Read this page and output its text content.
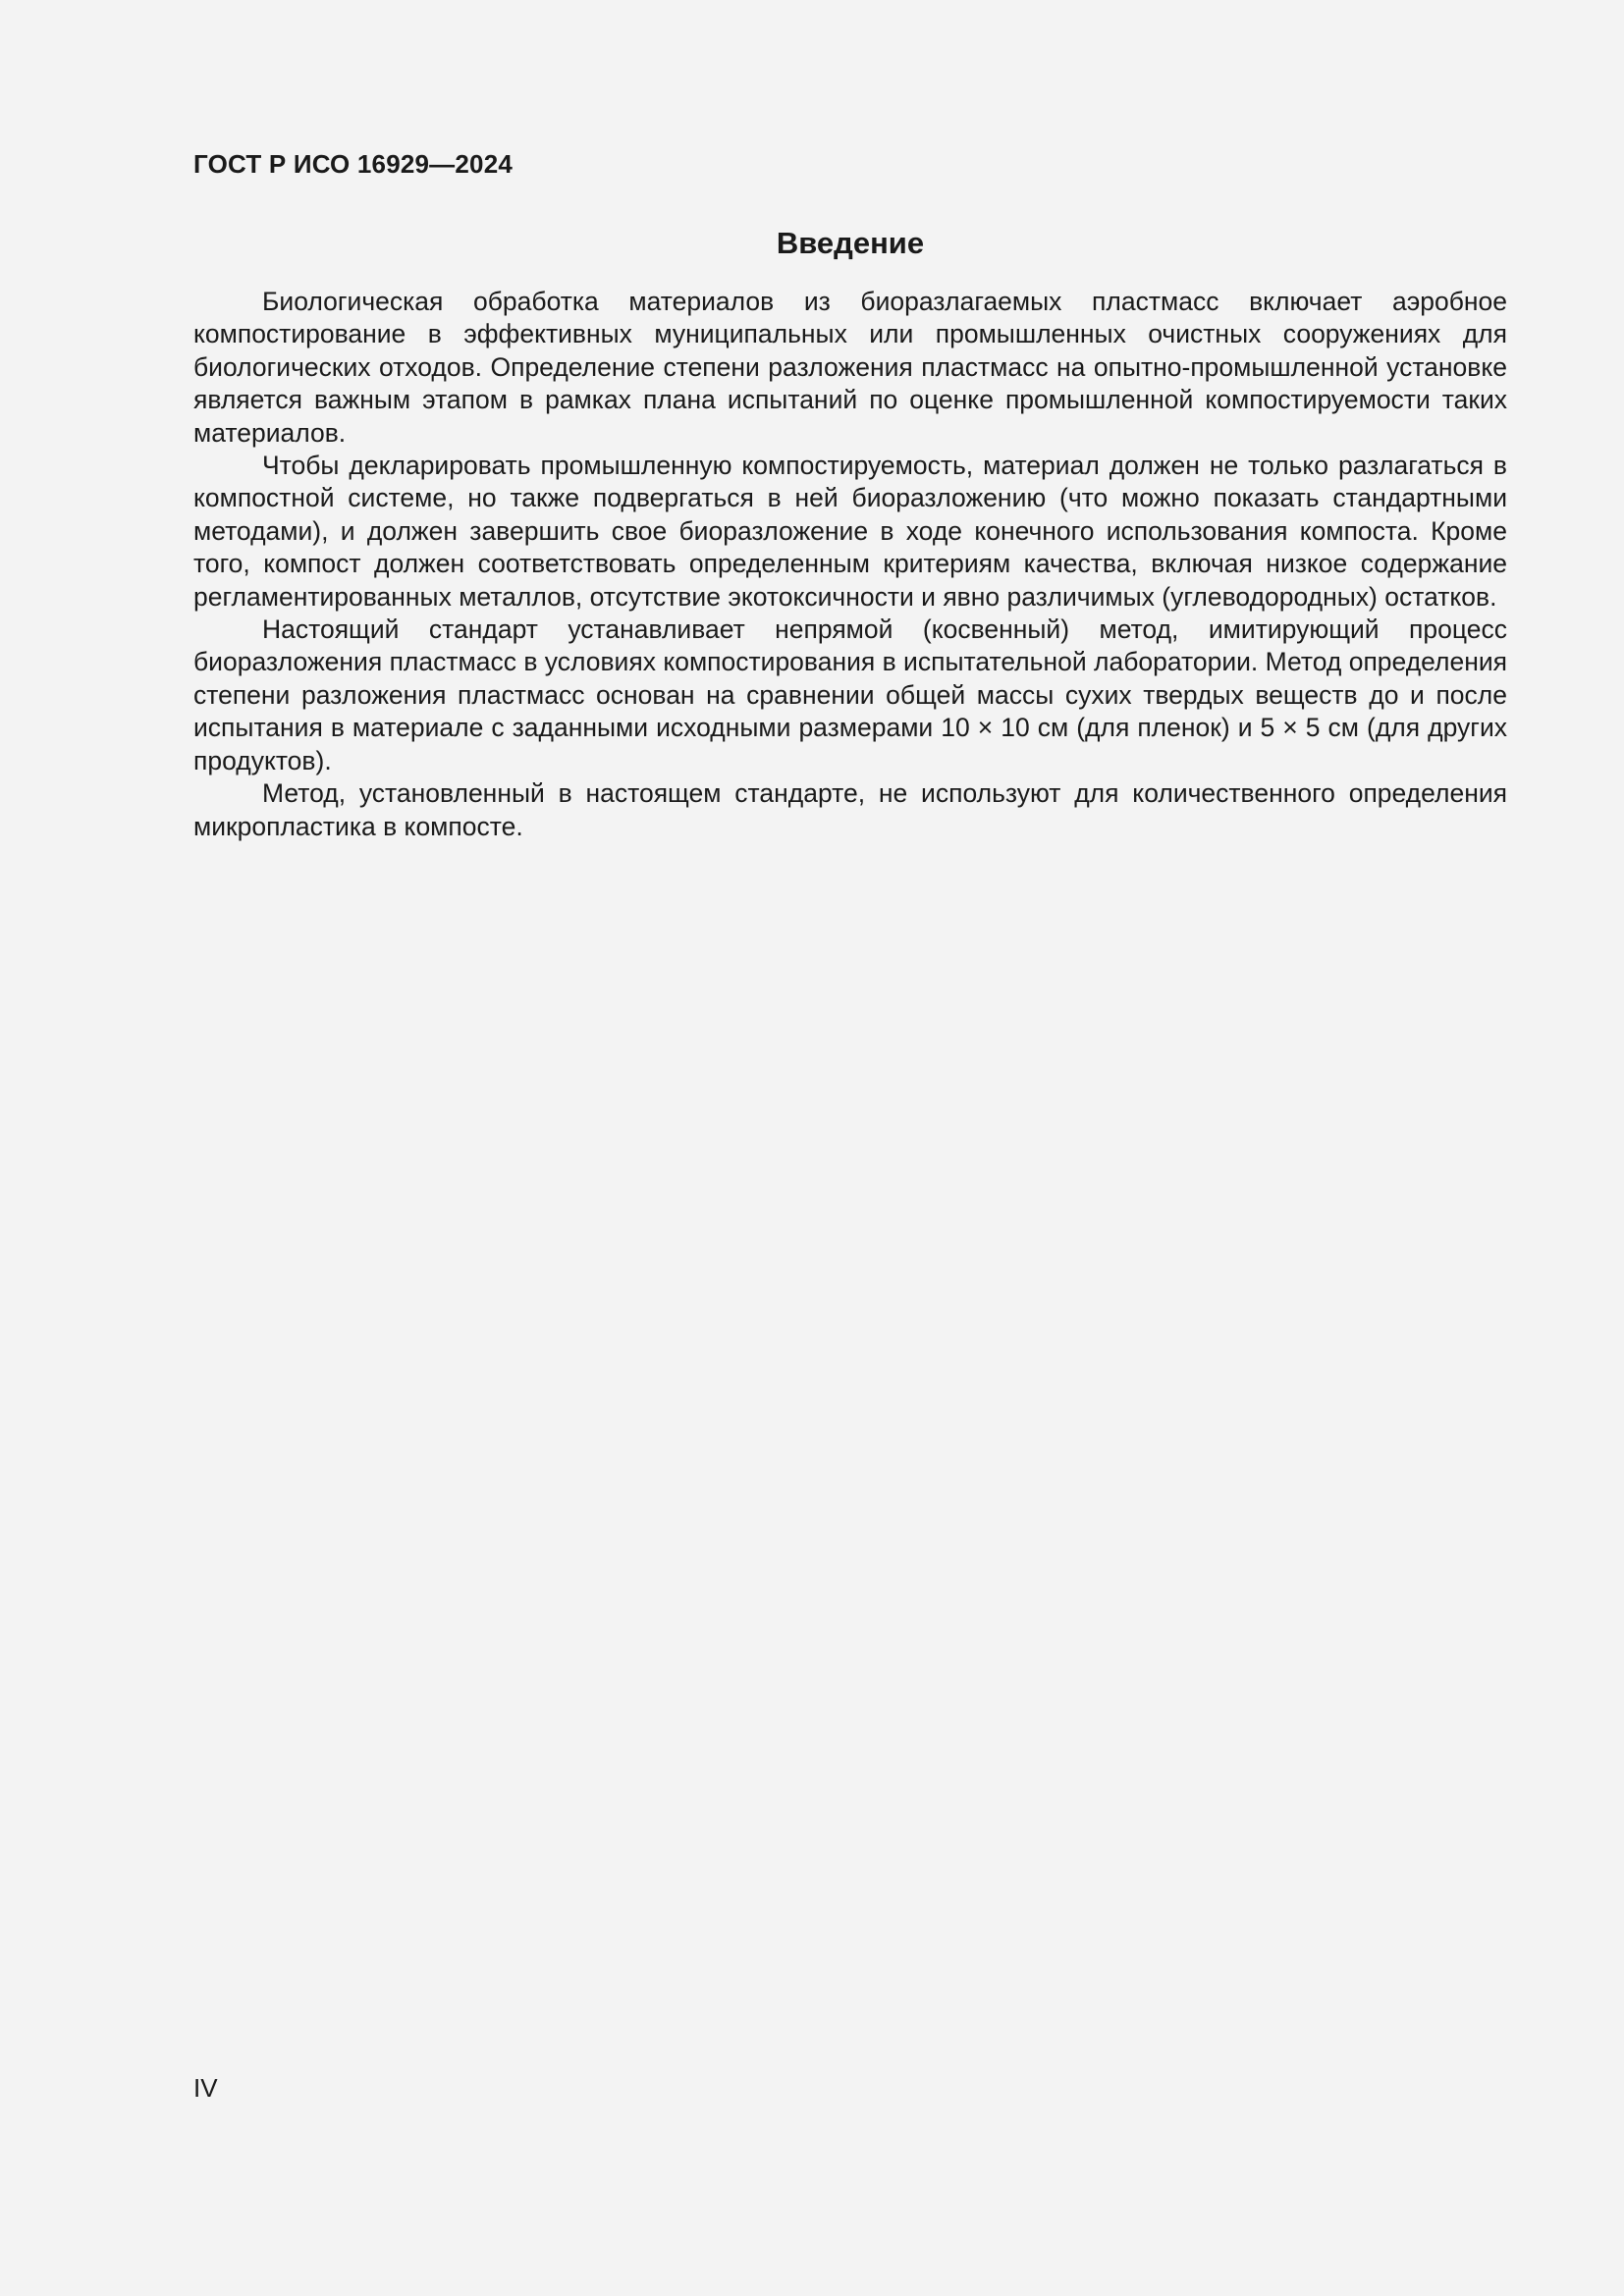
ГОСТ Р ИСО 16929—2024
Введение

Биологическая обработка материалов из биоразлагаемых пластмасс включает аэробное компостирование в эффективных муниципальных или промышленных очистных сооружениях для биологических отходов. Определение степени разложения пластмасс на опытно-промышленной установке является важным этапом в рамках плана испытаний по оценке промышленной компостируемости таких материалов.

Чтобы декларировать промышленную компостируемость, материал должен не только разлагаться в компостной системе, но также подвергаться в ней биоразложению (что можно показать стандартными методами), и должен завершить свое биоразложение в ходе конечного использования компоста. Кроме того, компост должен соответствовать определенным критериям качества, включая низкое содержание регламентированных металлов, отсутствие экотоксичности и явно различимых (углеводородных) остатков.

Настоящий стандарт устанавливает непрямой (косвенный) метод, имитирующий процесс биоразложения пластмасс в условиях компостирования в испытательной лаборатории. Метод определения степени разложения пластмасс основан на сравнении общей массы сухих твердых веществ до и после испытания в материале с заданными исходными размерами 10 × 10 см (для пленок) и 5 × 5 см (для других продуктов).

Метод, установленный в настоящем стандарте, не используют для количественного определения микропластика в компосте.

IV
